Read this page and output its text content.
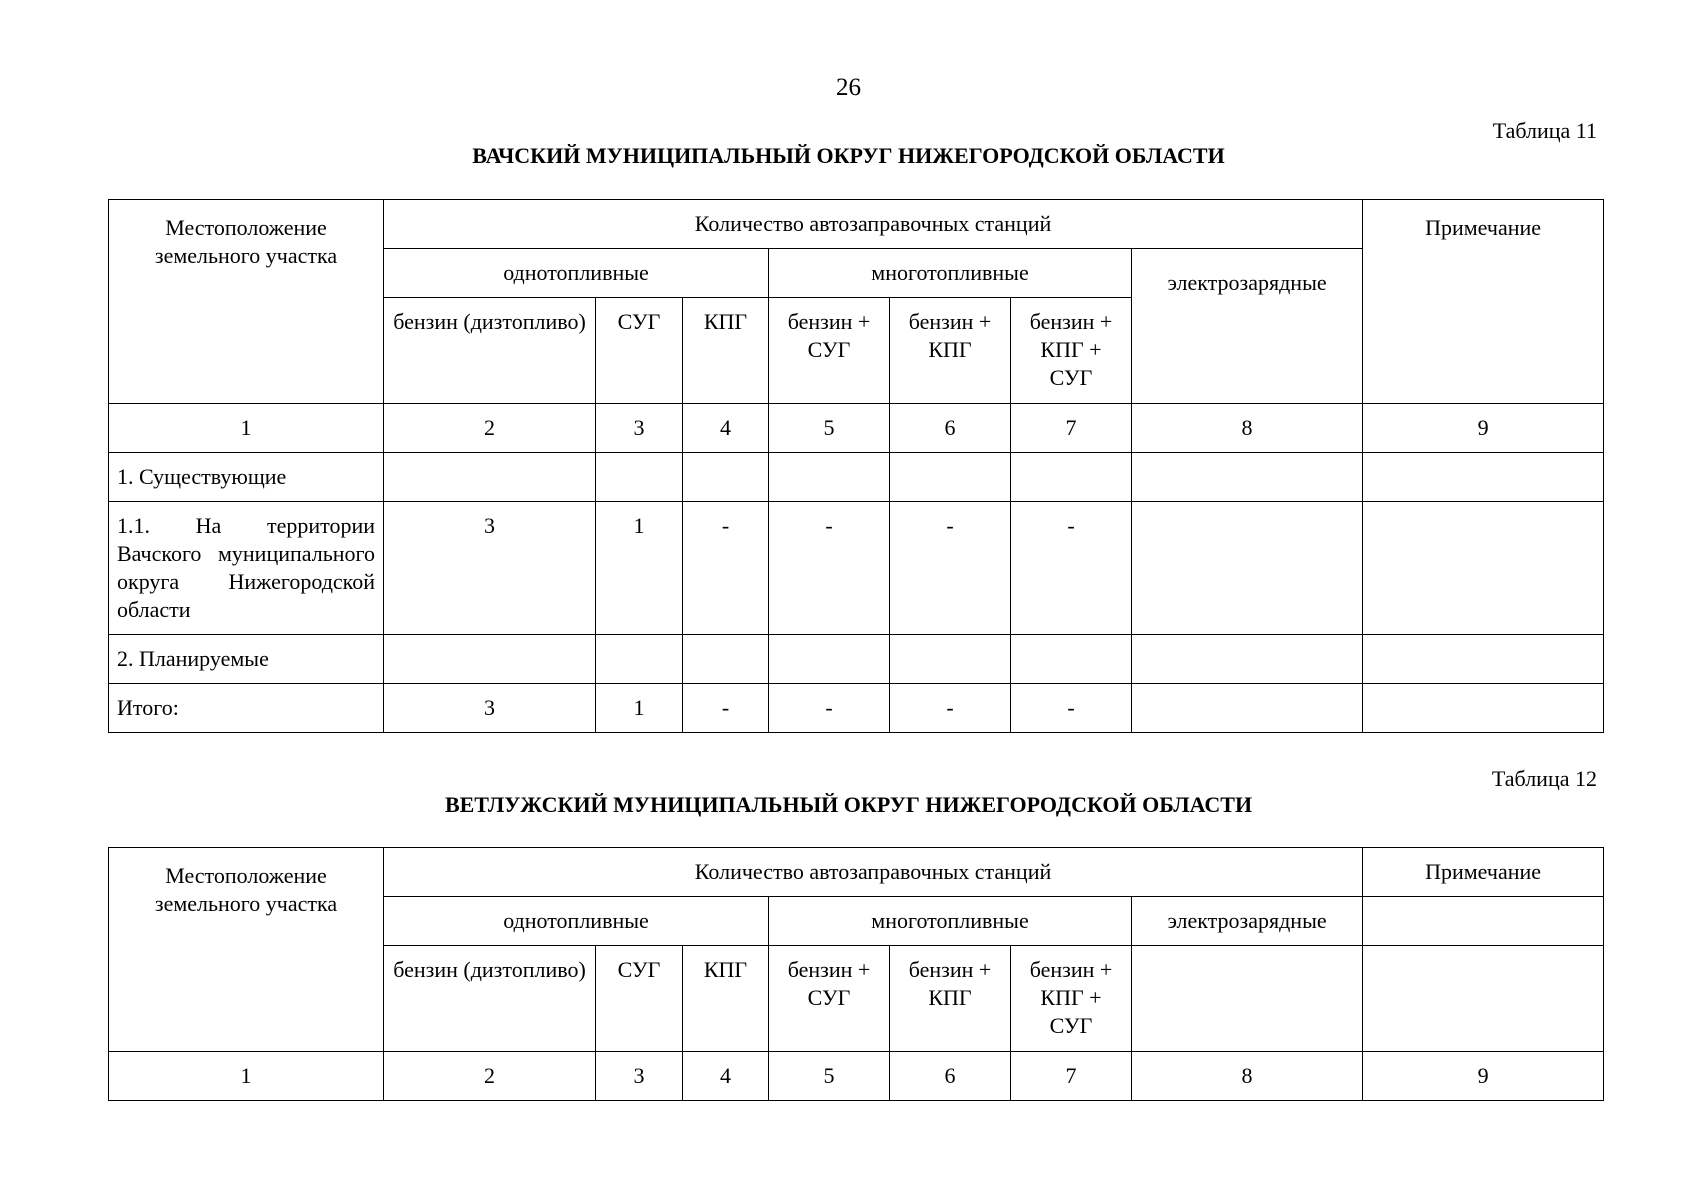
26
Таблица 11
ВАЧСКИЙ МУНИЦИПАЛЬНЫЙ ОКРУГ НИЖЕГОРОДСКОЙ ОБЛАСТИ
Местоположение земельного участка	Количество автозаправочных станций							Примечание
	однотопливные			многотопливные			электрозарядные	

	бензин (дизтопливо)	СУГ	КПГ	бензин + СУГ	бензин + КПГ	бензин + КПГ + СУГ		

1	2	3	4	5	6	7	8	9
1. Существующие								
1.1. На территории Вачского муниципального округа Нижегородской области	3	1	-	-	-	-		
2. Планируемые								
Итого:	3	1	-	-	-	-		
Таблица 12
ВЕТЛУЖСКИЙ МУНИЦИПАЛЬНЫЙ ОКРУГ НИЖЕГОРОДСКОЙ ОБЛАСТИ
Местоположение земельного участка	Количество автозаправочных станций							Примечание
	однотопливные			многотопливные			электрозарядные	

	бензин (дизтопливо)	СУГ	КПГ	бензин + СУГ	бензин + КПГ	бензин + КПГ + СУГ		

1	2	3	4	5	6	7	8	9
